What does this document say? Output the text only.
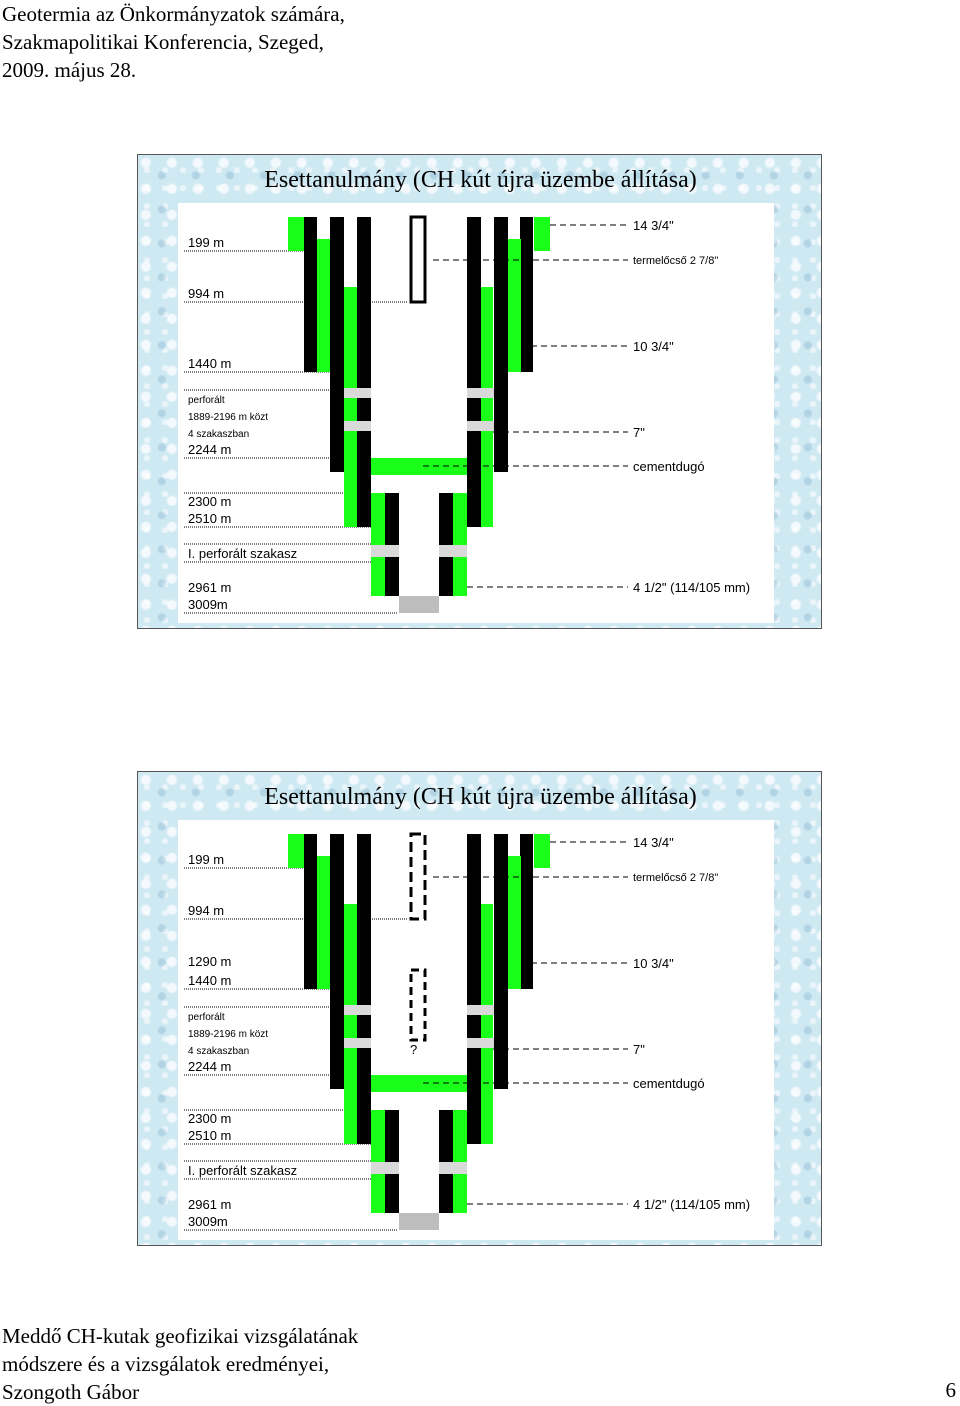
Geotermia az Önkormányzatok számára,
Szakmapolitikai Konferencia, Szeged,
2009. május 28.
Esettanulmány (CH kút újra üzembe állítása)
199 m
994 m
1440 m
perforált
1889-2196 m közt
4 szakaszban
2244 m
2300 m
2510 m
I. perforált szakasz
2961 m
3009m
14 3/4"
termelőcső 2 7/8"
10 3/4"
7"
cementdugó
4 1/2" (114/105 mm)
Esettanulmány (CH kút újra üzembe állítása)
199 m
994 m
1290 m
1440 m
perforált
1889-2196 m közt
4 szakaszban
2244 m
2300 m
2510 m
I. perforált szakasz
2961 m
3009m
?
14 3/4"
termelőcső 2 7/8"
10 3/4"
7"
cementdugó
4 1/2" (114/105 mm)
Meddő CH-kutak geofizikai vizsgálatának
módszere és a vizsgálatok eredményei,
Szongoth Gábor	6
